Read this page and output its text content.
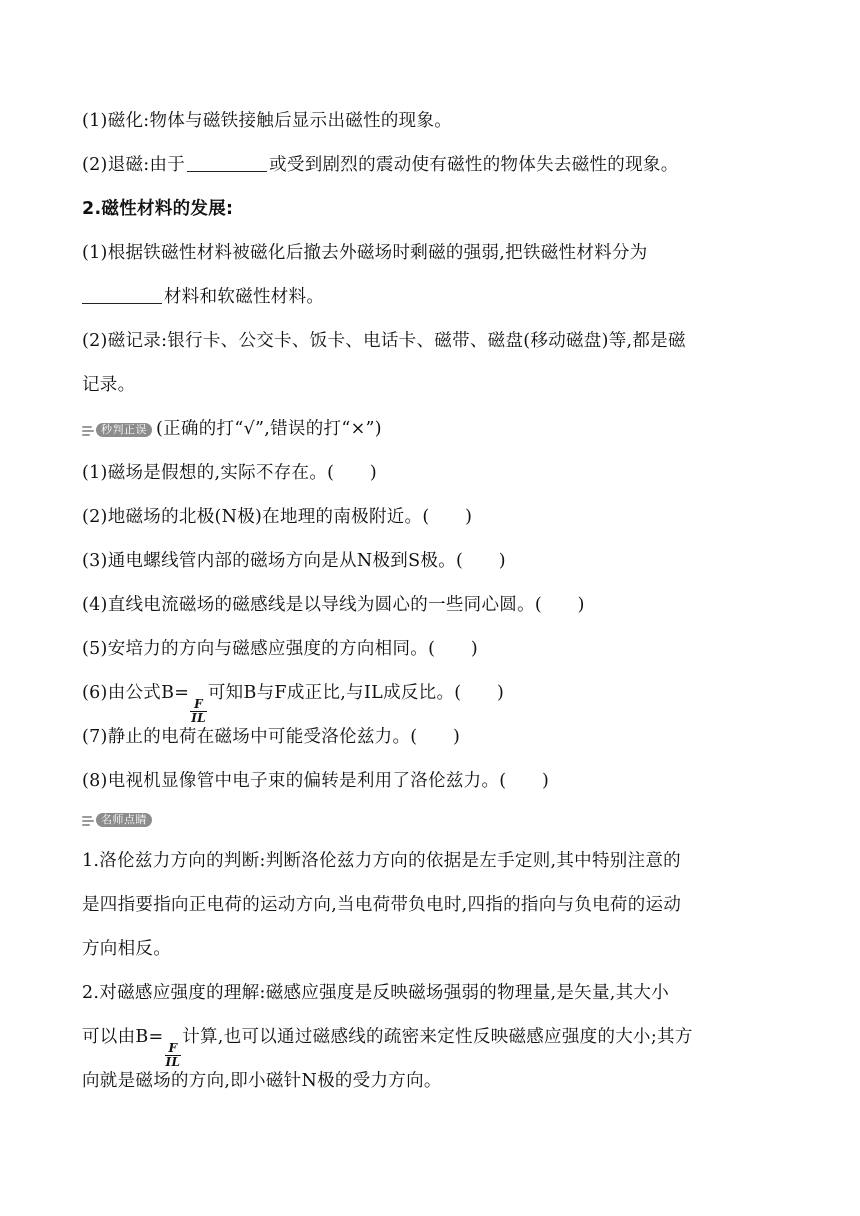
(1)磁化:物体与磁铁接触后显示出磁性的现象。
(2)退磁:由于	或受到剧烈的震动使有磁性的物体失去磁性的现象。
2.磁性材料的发展:
(1)根据铁磁性材料被磁化后撤去外磁场时剩磁的强弱,把铁磁性材料分为
材料和软磁性材料。
(2)磁记录:银行卡、公交卡、饭卡、电话卡、磁带、磁盘(移动磁盘)等,都是磁
记录。
秒判正误 (正确的打“√”,错误的打“×”)
(1)磁场是假想的,实际不存在。(　　)
(2)地磁场的北极(N极)在地理的南极附近。(　　)
(3)通电螺线管内部的磁场方向是从N极到S极。(　　)
(4)直线电流磁场的磁感线是以导线为圆心的一些同心圆。(　　)
(5)安培力的方向与磁感应强度的方向相同。(　　)
(6)由公式B=
$\frac{F}{IL}$
可知B与F成正比,与IL成反比。(　　)
(7)静止的电荷在磁场中可能受洛伦兹力。(　　)
(8)电视机显像管中电子束的偏转是利用了洛伦兹力。(　　)
名师点睛
1.洛伦兹力方向的判断:判断洛伦兹力方向的依据是左手定则,其中特别注意的
是四指要指向正电荷的运动方向,当电荷带负电时,四指的指向与负电荷的运动
方向相反。
2.对磁感应强度的理解:磁感应强度是反映磁场强弱的物理量,是矢量,其大小
可以由B=
$\frac{F}{IL}$
计算,也可以通过磁感线的疏密来定性反映磁感应强度的大小;其方
向就是磁场的方向,即小磁针N极的受力方向。
